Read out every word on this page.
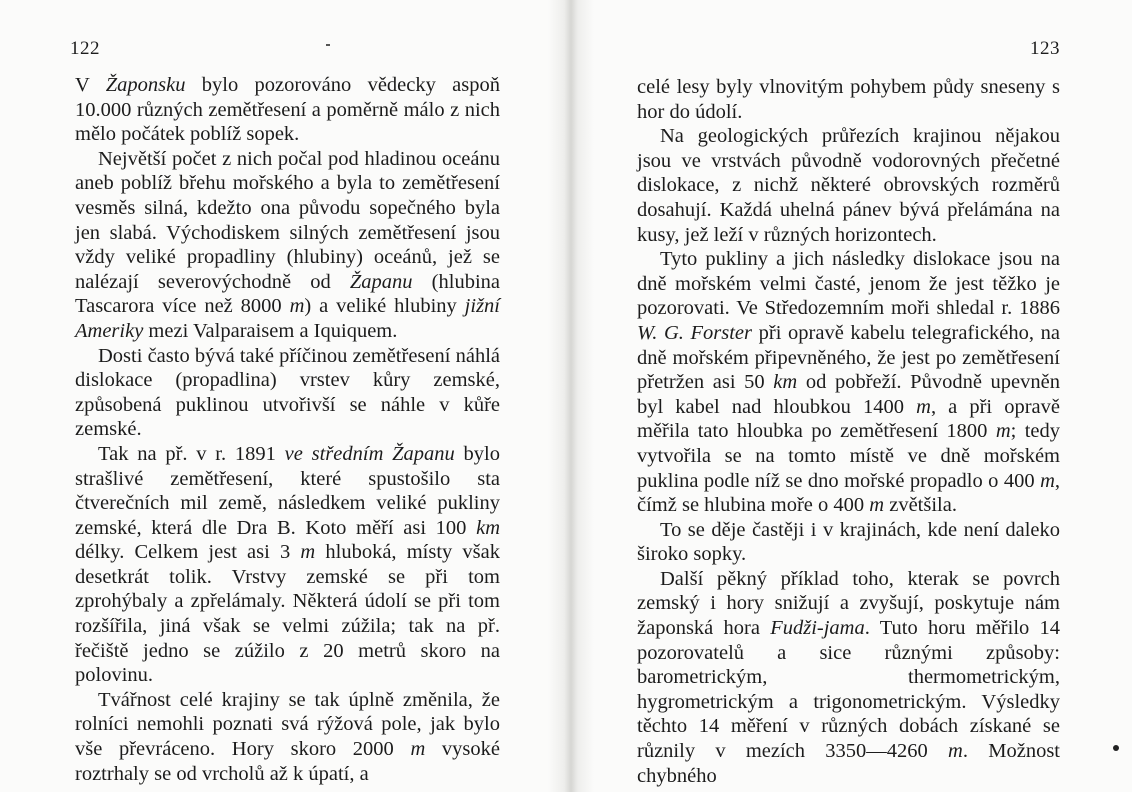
122

V Žaponsku bylo pozorováno vědecky aspoň 10.000 různých zemětřesení a poměrně málo z nich mělo počátek poblíž sopek.

Největší počet z nich počal pod hladinou oceánu aneb poblíž břehu mořského a byla to zemětřesení vesměs silná, kdežto ona původu sopečného byla jen slabá. Východiskem silných zemětřesení jsou vždy veliké propadliny (hlubiny) oceánů, jež se nalézají severovýchodně od Žapanu (hlubina Tascarora více než 8000 m) a veliké hlubiny jižní Ameriky mezi Valparaisem a Iquiquem.

Dosti často bývá také příčinou zemětřesení náhlá dislokace (propadlina) vrstev kůry zemské, způsobená puklinou utvořivší se náhle v kůře zemské.

Tak na př. v r. 1891 ve středním Žapanu bylo strašlivé zemětřesení, které spustošilo sta čtverečních mil země, následkem veliké pukliny zemské, která dle Dra B. Koto měří asi 100 km délky. Celkem jest asi 3 m hluboká, místy však desetkrát tolik. Vrstvy zemské se při tom zprohýbaly a zpřelámaly. Některá údolí se při tom rozšířila, jiná však se velmi zúžila; tak na př. řečiště jedno se zúžilo z 20 metrů skoro na polovinu.

Tvářnost celé krajiny se tak úplně změnila, že rolníci nemohli poznati svá rýžová pole, jak bylo vše převráceno. Hory skoro 2000 m vysoké roztrhaly se od vrcholů až k úpatí, a

123

celé lesy byly vlnovitým pohybem půdy sneseny s hor do údolí.

Na geologických průřezích krajinou nějakou jsou ve vrstvách původně vodorovných přečetné dislokace, z nichž některé obrovských rozměrů dosahují. Každá uhelná pánev bývá přelámána na kusy, jež leží v různých horizontech.

Tyto pukliny a jich následky dislokace jsou na dně mořském velmi časté, jenom že jest těžko je pozorovati. Ve Středozemním moři shledal r. 1886 W. G. Forster při opravě kabelu telegrafického, na dně mořském připevněného, že jest po zemětřesení přetržen asi 50 km od pobřeží. Původně upevněn byl kabel nad hloubkou 1400 m, a při opravě měřila tato hloubka po zemětřesení 1800 m; tedy vytvořila se na tomto místě ve dně mořském puklina podle níž se dno mořské propadlo o 400 m, čímž se hlubina moře o 400 m zvětšila.

To se děje častěji i v krajinách, kde není daleko široko sopky.

Další pěkný příklad toho, kterak se povrch zemský i hory snižují a zvyšují, poskytuje nám žaponská hora Fudži-jama. Tuto horu měřilo 14 pozorovatelů a sice různými způsoby: barometrickým, thermometrickým, hygrometrickým a trigonometrickým. Výsledky těchto 14 měření v různých dobách získané se různily v mezích 3350—4260 m. Možnost chybného
